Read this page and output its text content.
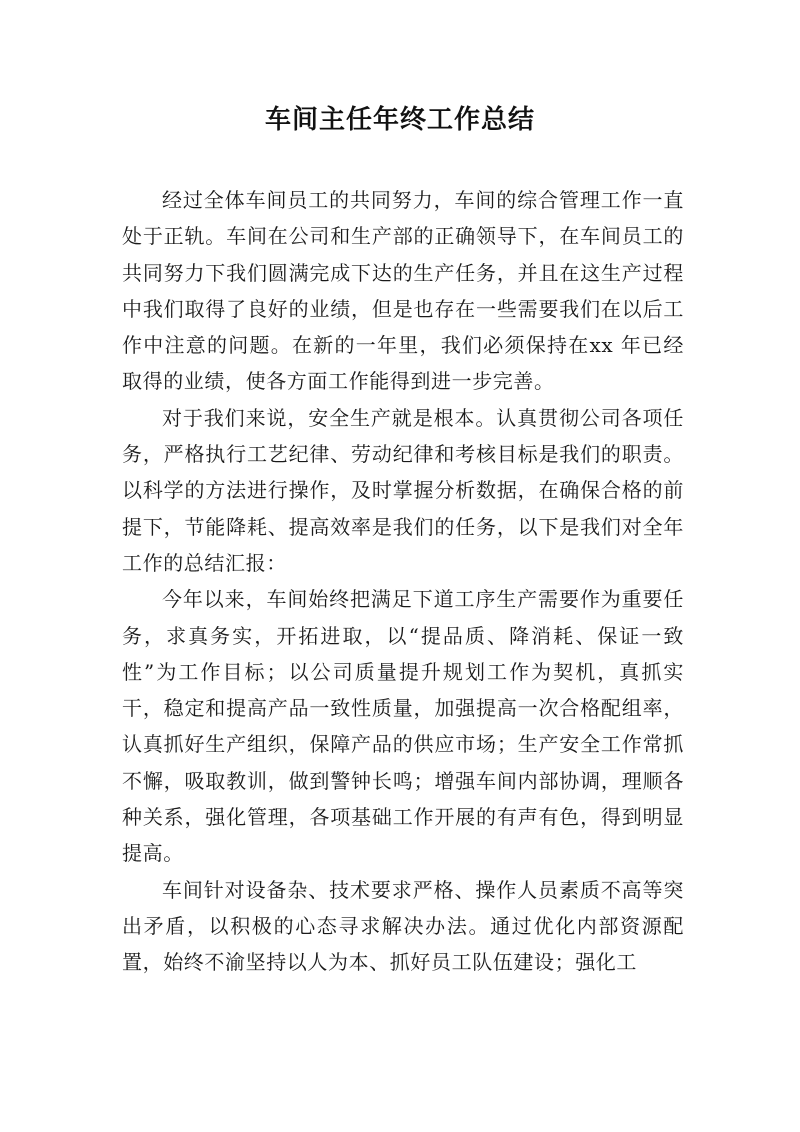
车间主任年终工作总结

经过全体车间员工的共同努力，车间的综合管理工作一直处于正轨。车间在公司和生产部的正确领导下，在车间员工的共同努力下我们圆满完成下达的生产任务，并且在这生产过程中我们取得了良好的业绩，但是也存在一些需要我们在以后工作中注意的问题。在新的一年里，我们必须保持在xx 年已经取得的业绩，使各方面工作能得到进一步完善。

对于我们来说，安全生产就是根本。认真贯彻公司各项任务，严格执行工艺纪律、劳动纪律和考核目标是我们的职责。以科学的方法进行操作，及时掌握分析数据，在确保合格的前提下，节能降耗、提高效率是我们的任务，以下是我们对全年工作的总结汇报：

今年以来，车间始终把满足下道工序生产需要作为重要任务，求真务实，开拓进取，以“提品质、降消耗、保证一致性”为工作目标；以公司质量提升规划工作为契机，真抓实干，稳定和提高产品一致性质量，加强提高一次合格配组率，认真抓好生产组织，保障产品的供应市场；生产安全工作常抓不懈，吸取教训，做到警钟长鸣；增强车间内部协调，理顺各种关系，强化管理，各项基础工作开展的有声有色，得到明显提高。

车间针对设备杂、技术要求严格、操作人员素质不高等突出矛盾，以积极的心态寻求解决办法。通过优化内部资源配置，始终不渝坚持以人为本、抓好员工队伍建设；强化工
